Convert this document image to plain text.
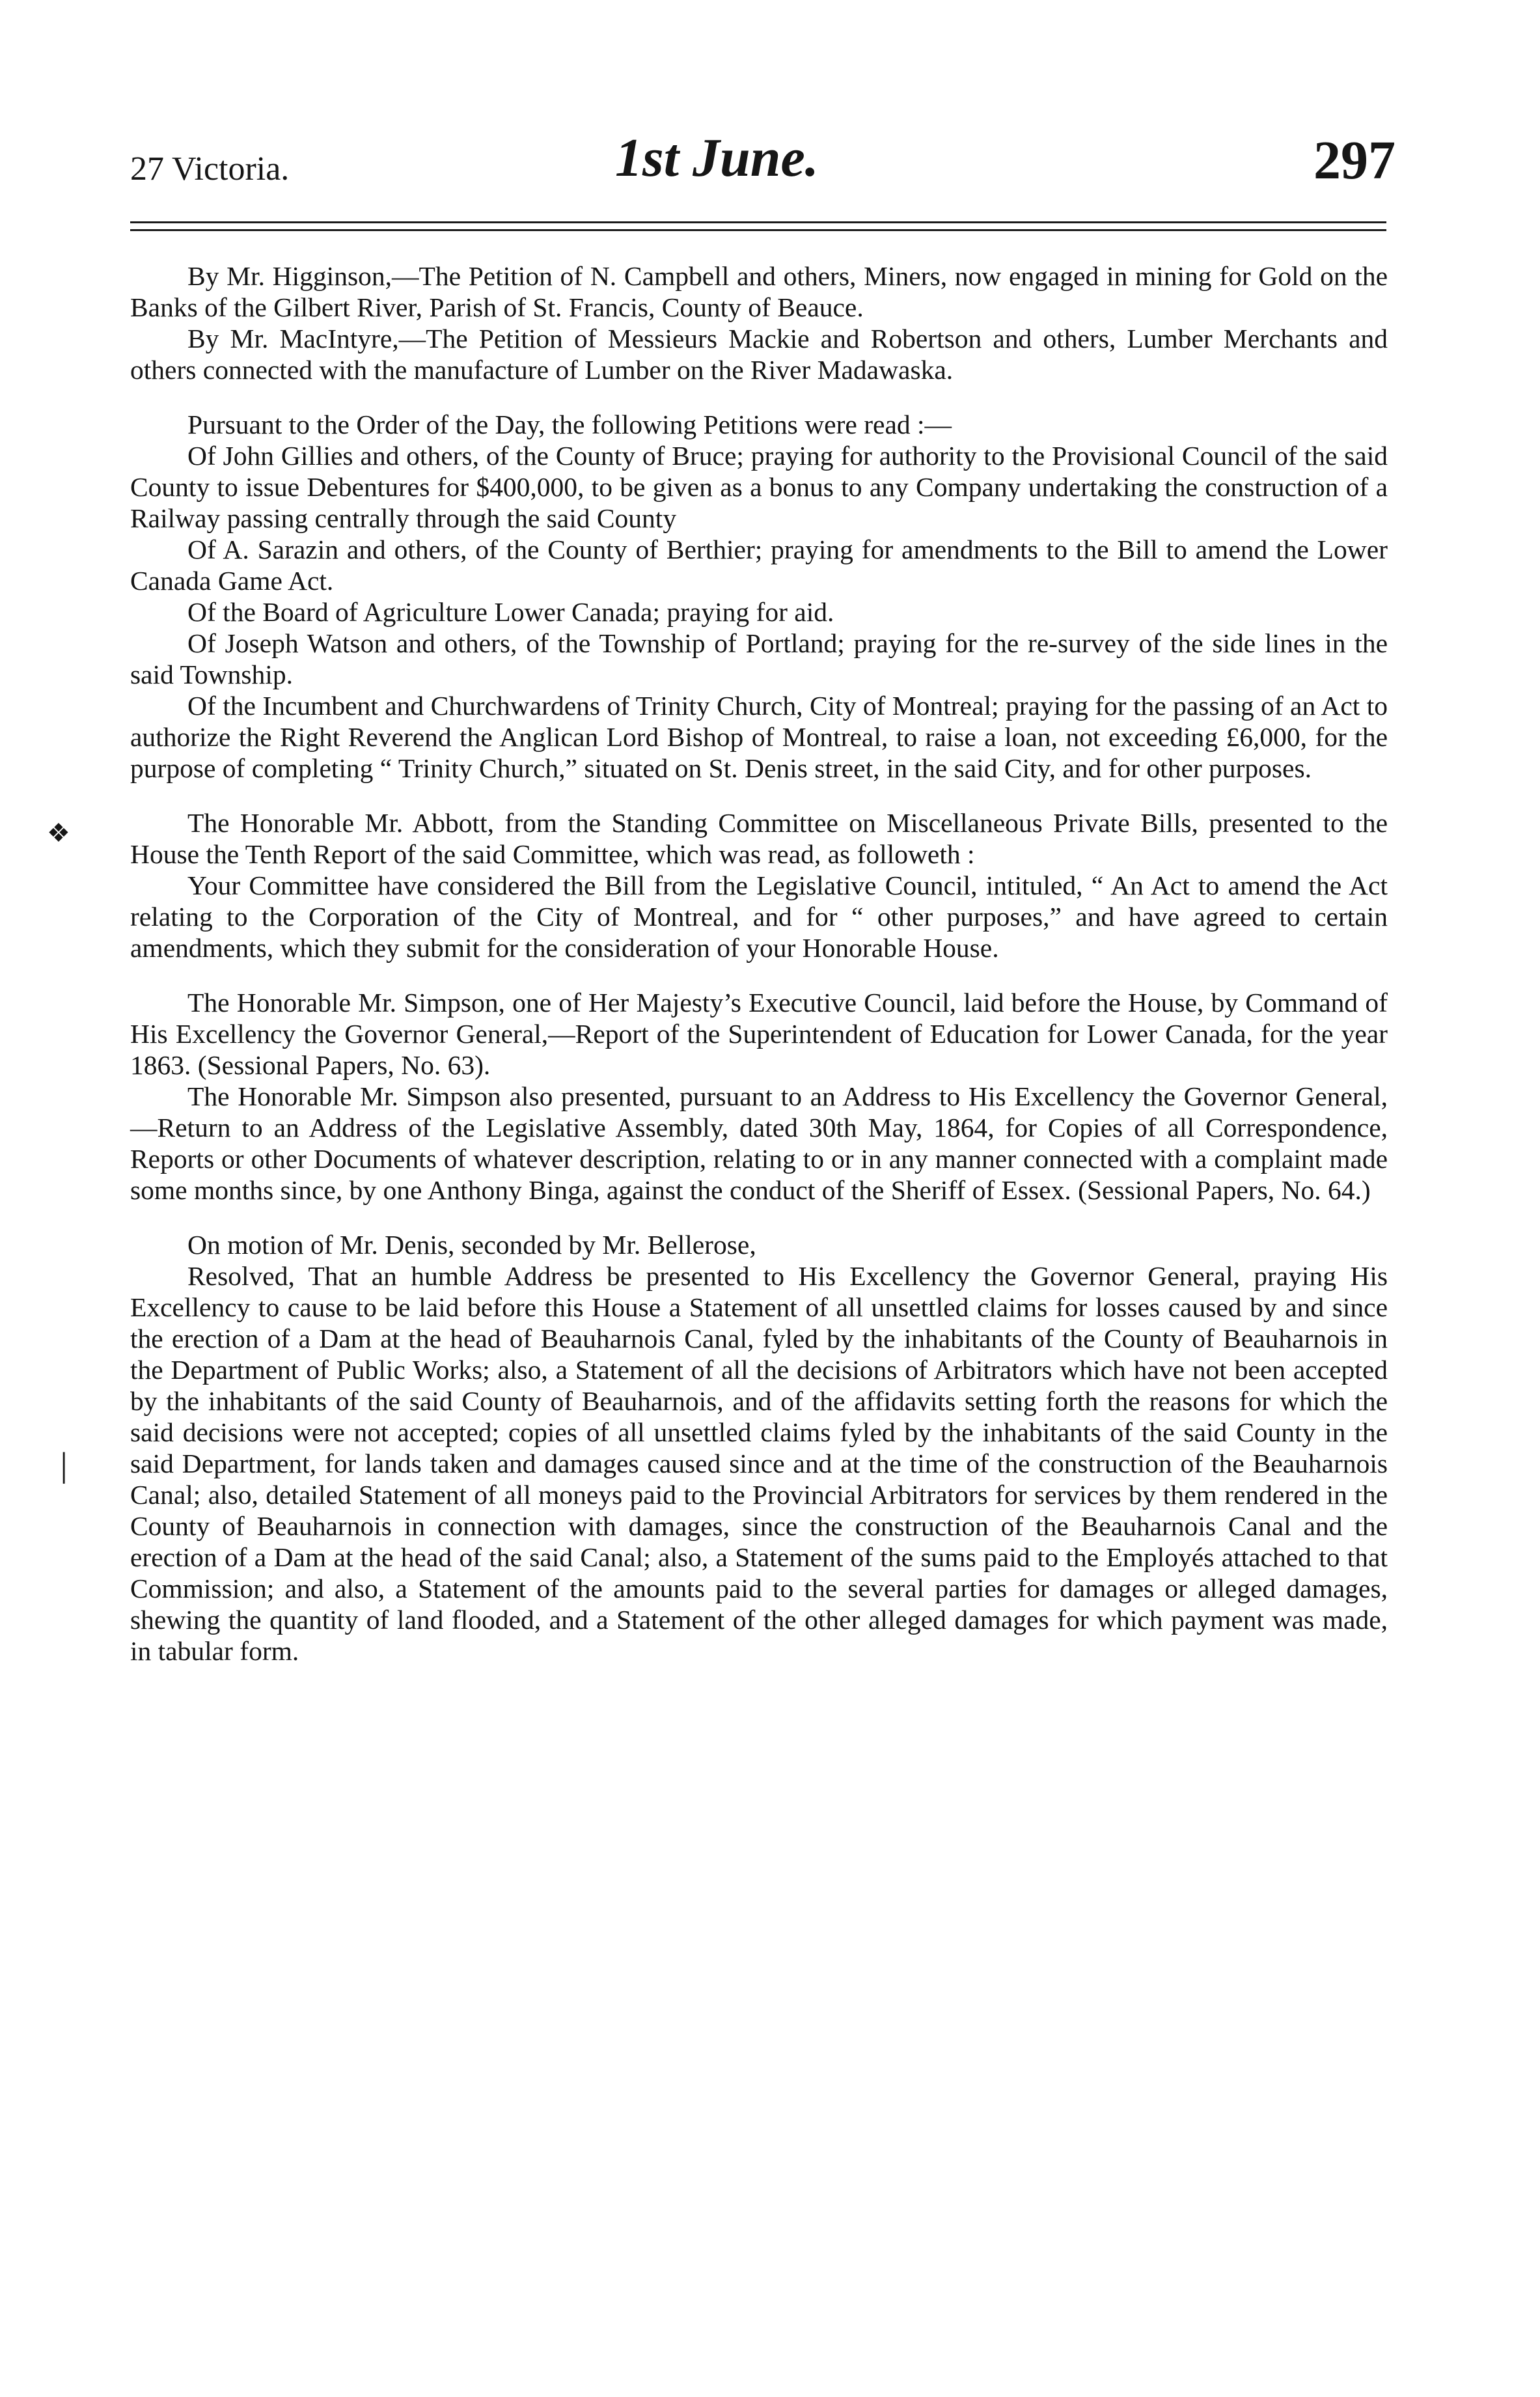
27 Victoria.	1st June.	297
❖
│

By Mr. Higginson,—The Petition of N. Campbell and others, Miners, now engaged in mining for Gold on the Banks of the Gilbert River, Parish of St. Francis, County of Beauce.

By Mr. MacIntyre,—The Petition of Messieurs Mackie and Robertson and others, Lumber Merchants and others connected with the manufacture of Lumber on the River Madawaska.

Pursuant to the Order of the Day, the following Petitions were read :—

Of John Gillies and others, of the County of Bruce; praying for authority to the Provisional Council of the said County to issue Debentures for $400,000, to be given as a bonus to any Company undertaking the construction of a Railway passing centrally through the said County

Of A. Sarazin and others, of the County of Berthier; praying for amendments to the Bill to amend the Lower Canada Game Act.

Of the Board of Agriculture Lower Canada; praying for aid.

Of Joseph Watson and others, of the Township of Portland; praying for the re-survey of the side lines in the said Township.

Of the Incumbent and Churchwardens of Trinity Church, City of Montreal; praying for the passing of an Act to authorize the Right Reverend the Anglican Lord Bishop of Montreal, to raise a loan, not exceeding £6,000, for the purpose of completing “ Trinity Church,” situated on St. Denis street, in the said City, and for other purposes.

The Honorable Mr. Abbott, from the Standing Committee on Miscellaneous Private Bills, presented to the House the Tenth Report of the said Committee, which was read, as followeth :

Your Committee have considered the Bill from the Legislative Council, intituled, “ An Act to amend the Act relating to the Corporation of the City of Montreal, and for “ other purposes,” and have agreed to certain amendments, which they submit for the consideration of your Honorable House.

The Honorable Mr. Simpson, one of Her Majesty’s Executive Council, laid before the House, by Command of His Excellency the Governor General,—Report of the Superintendent of Education for Lower Canada, for the year 1863. (Sessional Papers, No. 63).

The Honorable Mr. Simpson also presented, pursuant to an Address to His Excellency the Governor General,—Return to an Address of the Legislative Assembly, dated 30th May, 1864, for Copies of all Correspondence, Reports or other Documents of whatever description, relating to or in any manner connected with a complaint made some months since, by one Anthony Binga, against the conduct of the Sheriff of Essex. (Sessional Papers, No. 64.)

On motion of Mr. Denis, seconded by Mr. Bellerose,

Resolved, That an humble Address be presented to His Excellency the Governor General, praying His Excellency to cause to be laid before this House a Statement of all unsettled claims for losses caused by and since the erection of a Dam at the head of Beauharnois Canal, fyled by the inhabitants of the County of Beauharnois in the Department of Public Works; also, a Statement of all the decisions of Arbitrators which have not been accepted by the inhabitants of the said County of Beauharnois, and of the affidavits setting forth the reasons for which the said decisions were not accepted; copies of all unsettled claims fyled by the inhabitants of the said County in the said Department, for lands taken and damages caused since and at the time of the construction of the Beauharnois Canal; also, detailed Statement of all moneys paid to the Provincial Arbitrators for services by them rendered in the County of Beauharnois in connection with damages, since the construction of the Beauharnois Canal and the erection of a Dam at the head of the said Canal; also, a Statement of the sums paid to the Employés attached to that Commission; and also, a Statement of the amounts paid to the several parties for damages or alleged damages, shewing the quantity of land flooded, and a Statement of the other alleged damages for which payment was made, in tabular form.
